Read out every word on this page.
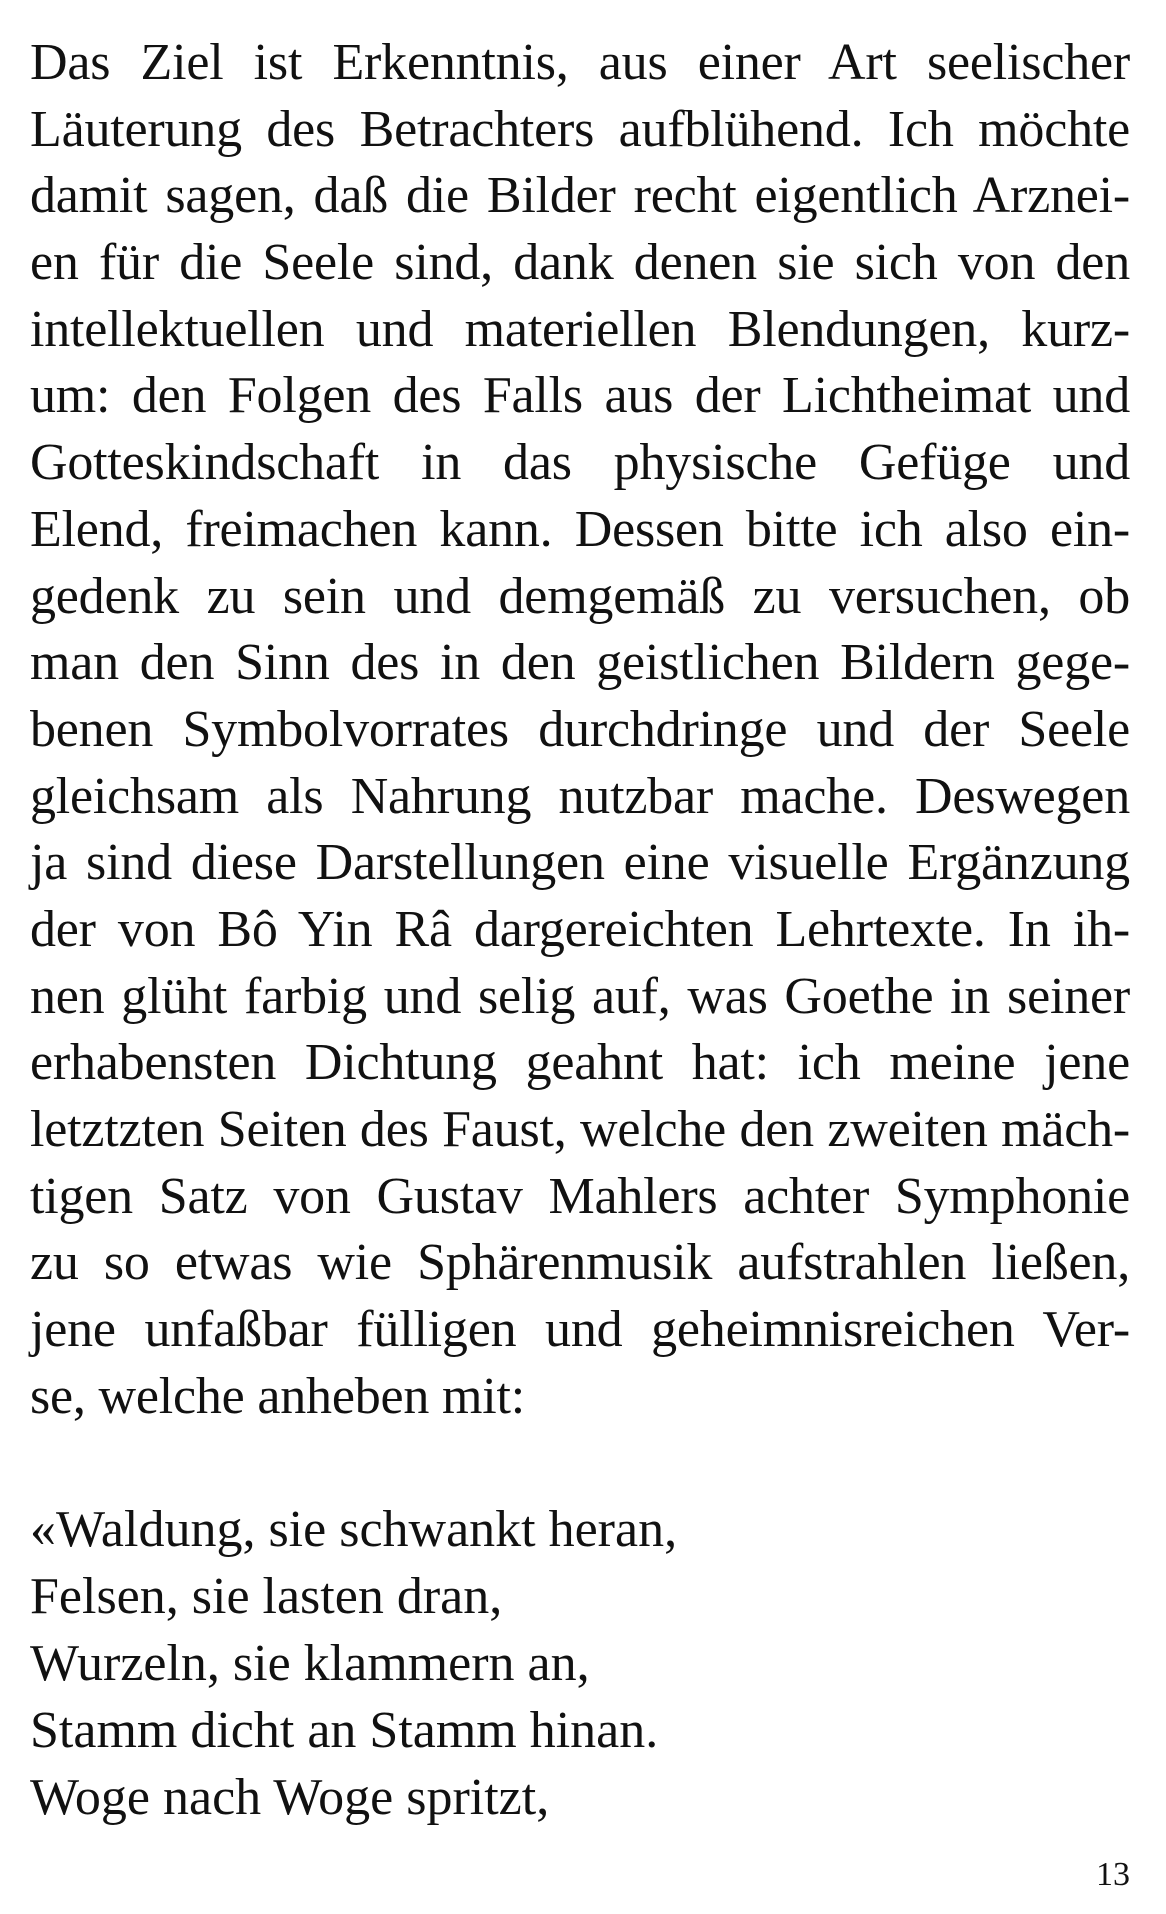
Das Ziel ist Erkenntnis, aus einer Art seelischer
Läuterung des Betrachters aufblühend. Ich möchte
damit sagen, daß die Bilder recht eigentlich Arznei-
en für die Seele sind, dank denen sie sich von den
intellektuellen und materiellen Blendungen, kurz-
um: den Folgen des Falls aus der Lichtheimat und
Gotteskindschaft in das physische Gefüge und
Elend, freimachen kann. Dessen bitte ich also ein-
gedenk zu sein und demgemäß zu versuchen, ob
man den Sinn des in den geistlichen Bildern gege-
benen Symbolvorrates durchdringe und der Seele
gleichsam als Nahrung nutzbar mache. Deswegen
ja sind diese Darstellungen eine visuelle Ergänzung
der von Bô Yin Râ dargereichten Lehrtexte. In ih-
nen glüht farbig und selig auf, was Goethe in seiner
erhabensten Dichtung geahnt hat: ich meine jene
letztzten Seiten des Faust, welche den zweiten mäch-
tigen Satz von Gustav Mahlers achter Symphonie
zu so etwas wie Sphärenmusik aufstrahlen ließen,
jene unfaßbar fülligen und geheimnisreichen Ver-
se, welche anheben mit:
«Waldung, sie schwankt heran,
Felsen, sie lasten dran,
Wurzeln, sie klammern an,
Stamm dicht an Stamm hinan.
Woge nach Woge spritzt,
13
